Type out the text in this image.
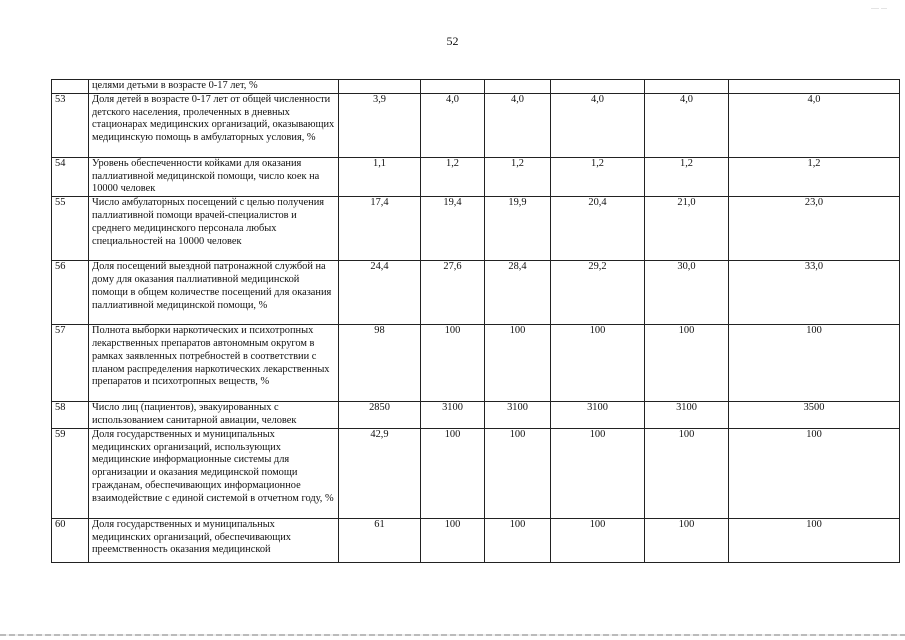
.... ...
52
	целями детьми в возрасте 0-17 лет, %						
53	Доля детей в возрасте 0-17 лет от общей численности детского населения, пролеченных в дневных стационарах медицинских организаций, оказывающих медицинскую помощь в амбулаторных условия, %	3,9	4,0	4,0	4,0	4,0	4,0
54	Уровень обеспеченности койками для оказания паллиативной медицинской помощи, число коек на 10000 человек	1,1	1,2	1,2	1,2	1,2	1,2
55	Число амбулаторных посещений с целью получения паллиативной помощи врачей-специалистов и среднего медицинского персонала любых специальностей на 10000 человек	17,4	19,4	19,9	20,4	21,0	23,0
56	Доля посещений выездной патронажной службой на дому для оказания паллиативной медицинской помощи в общем количестве посещений для оказания паллиативной медицинской помощи, %	24,4	27,6	28,4	29,2	30,0	33,0
57	Полнота выборки наркотических и психотропных лекарственных препаратов автономным округом в рамках заявленных потребностей в соответствии с планом распределения наркотических лекарственных препаратов и психотропных веществ, %	98	100	100	100	100	100
58	Число лиц (пациентов), эвакуированных с использованием санитарной авиации, человек	2850	3100	3100	3100	3100	3500
59	Доля государственных и муниципальных медицинских организаций, использующих медицинские информационные системы для организации и оказания медицинской помощи гражданам, обеспечивающих информационное взаимодействие с единой системой в отчетном году, %	42,9	100	100	100	100	100
60	Доля государственных и муниципальных медицинских организаций, обеспечивающих преемственность оказания медицинской	61	100	100	100	100	100
